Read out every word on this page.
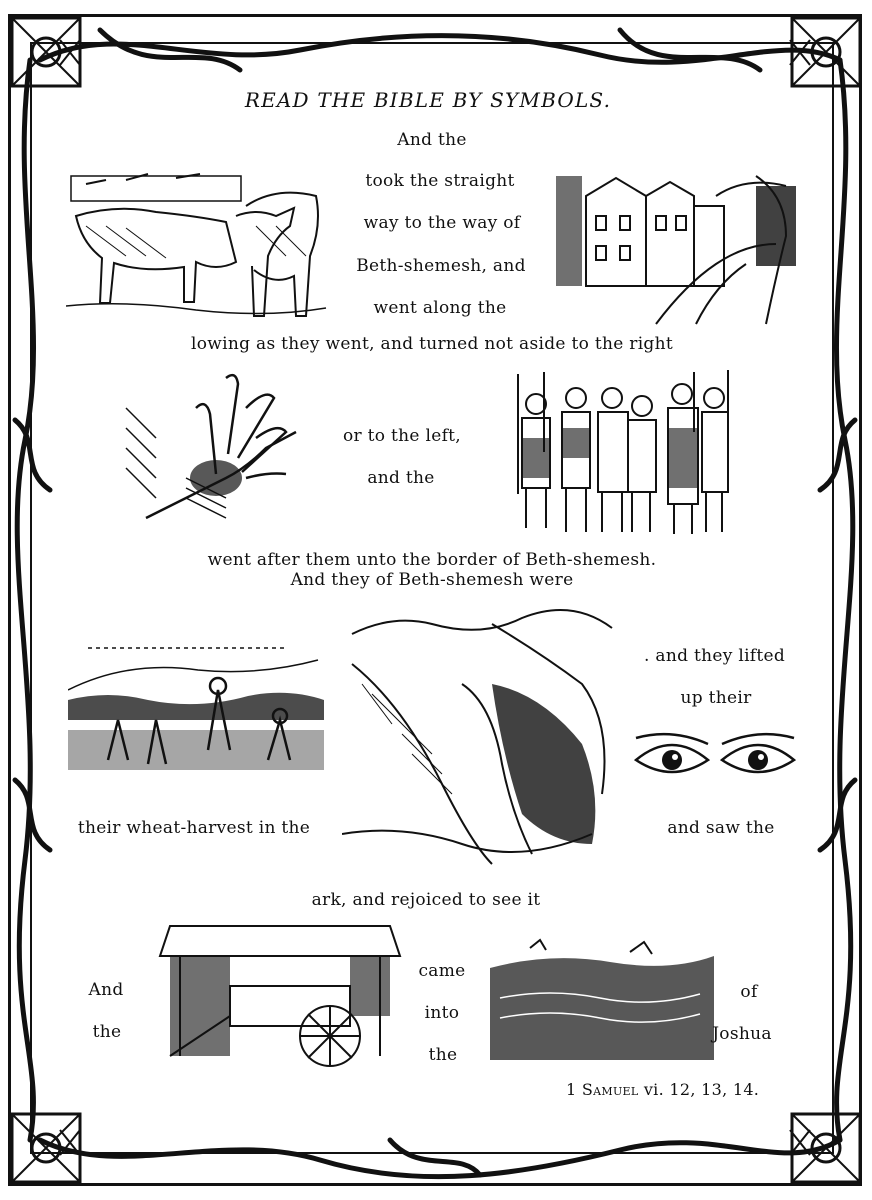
READ THE BIBLE BY SYMBOLS.
And the
took the straight
way to the way of
Beth-shemesh, and
went along the
lowing as they went, and turned not aside to the right
or to the left,
and the
went after them unto the border of Beth-shemesh.
And they of Beth-shemesh were
. and they lifted
up their
their wheat-harvest in the	and saw the
ark, and rejoiced to see it
And
the
came
into
the
of
Joshua
1 Samuel vi. 12, 13, 14.
